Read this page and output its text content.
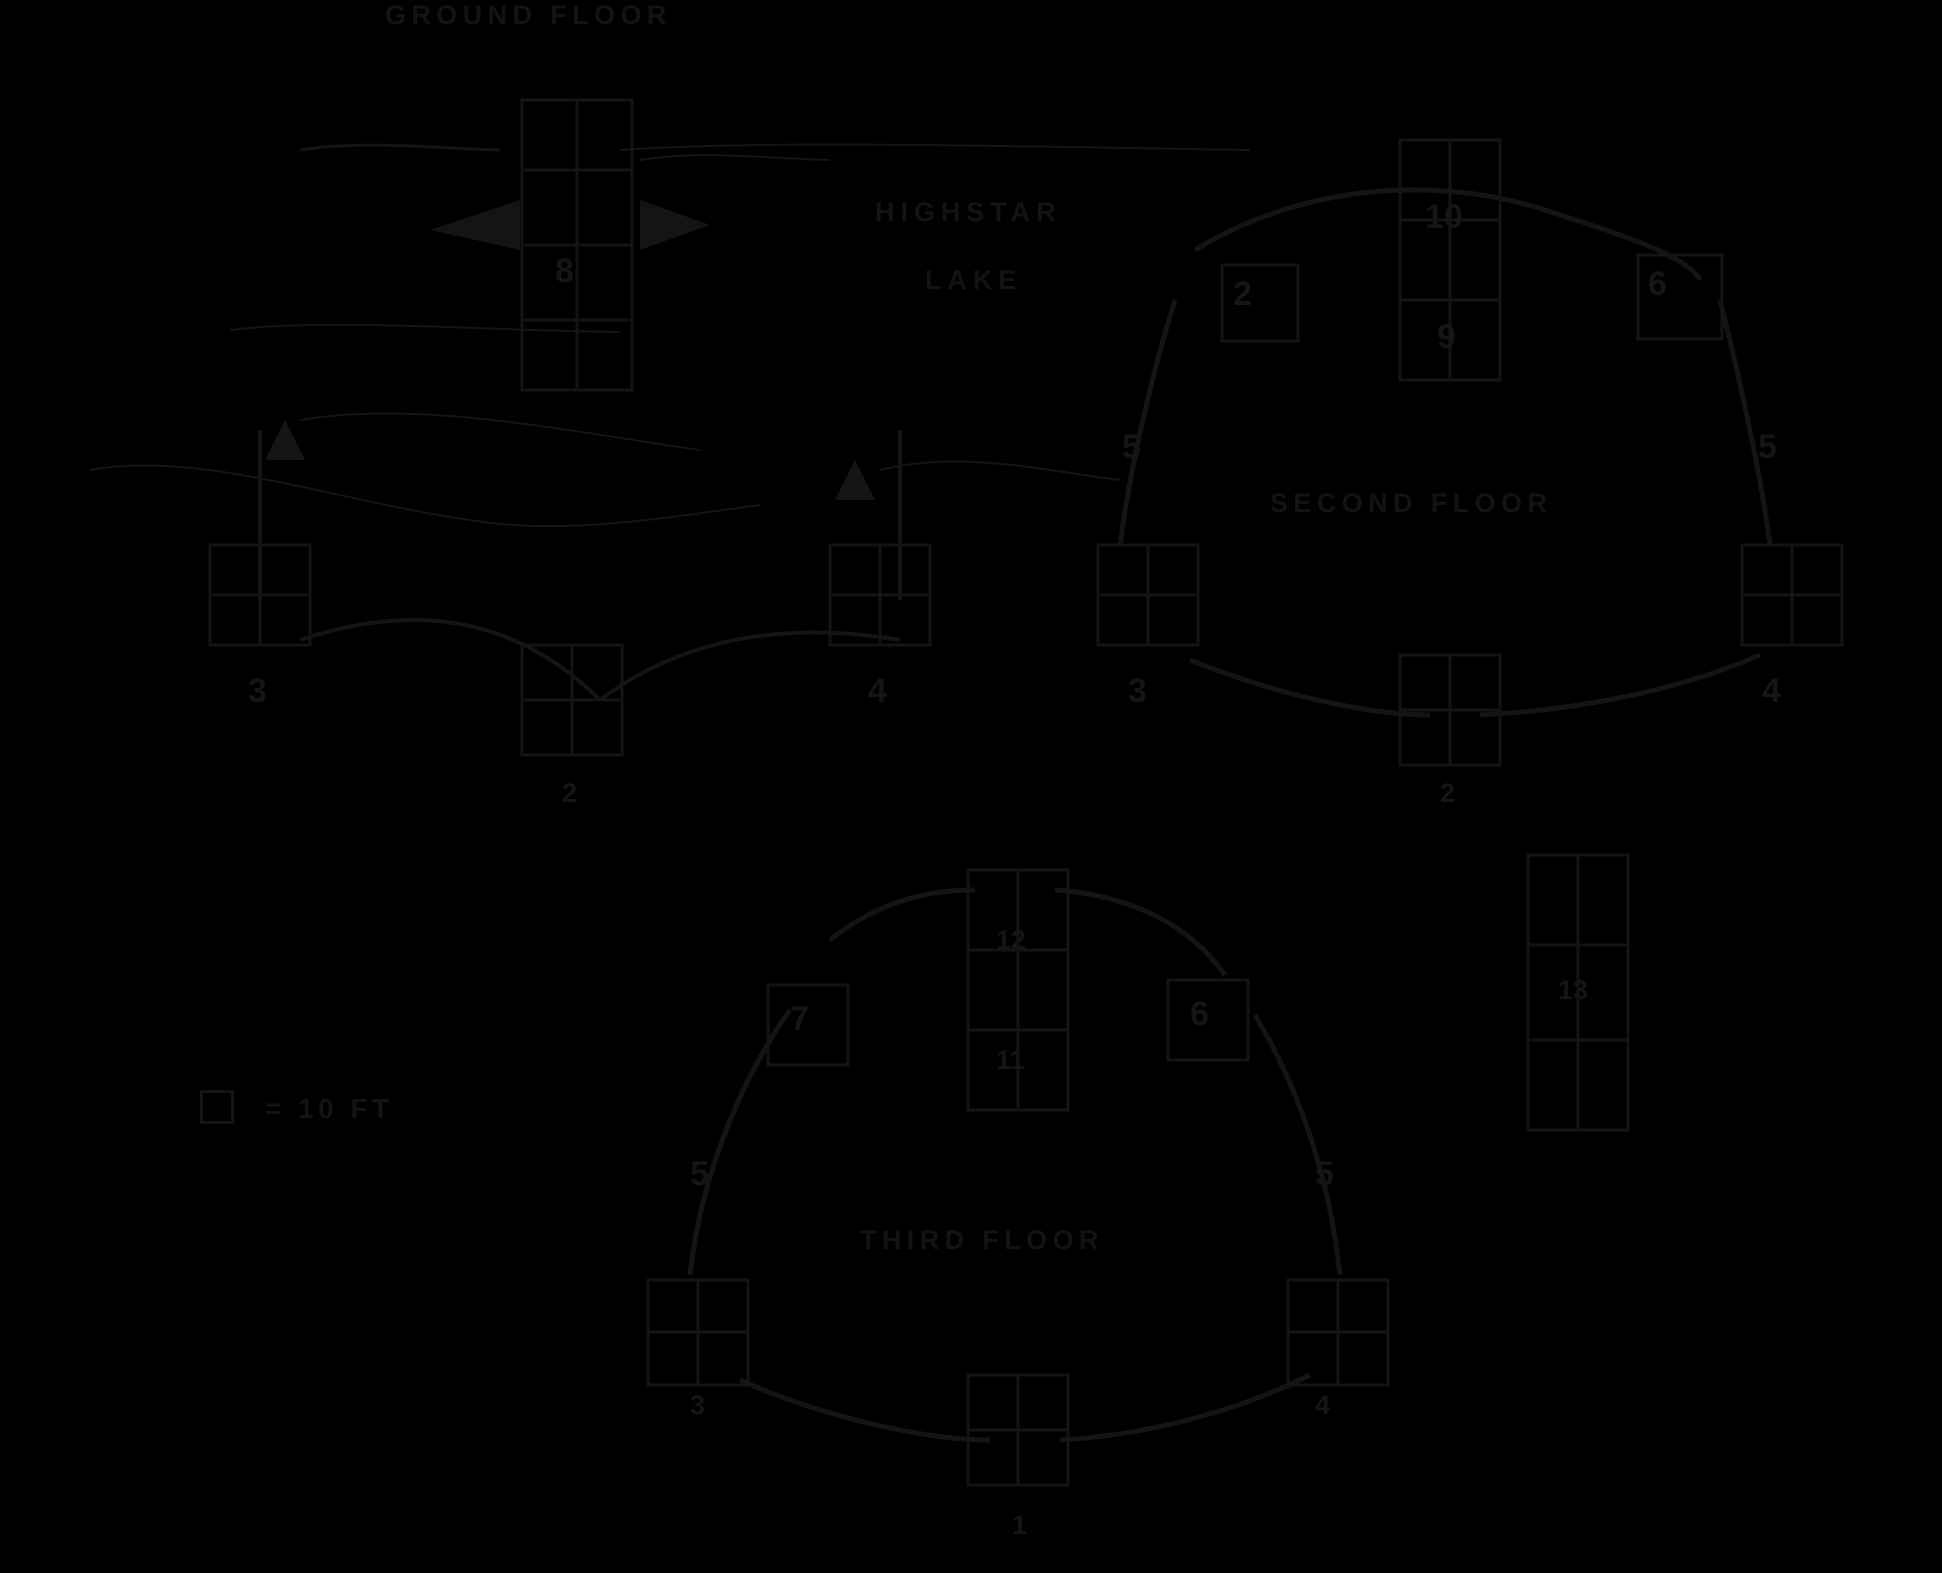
GROUND FLOOR
SECOND FLOOR
THIRD FLOOR
HIGHSTAR
LAKE
8
3	4
2
10
9
2	6
5	5
3	4
2
12
11
7	6
13
5	5
3	4
1
= 10 FT
